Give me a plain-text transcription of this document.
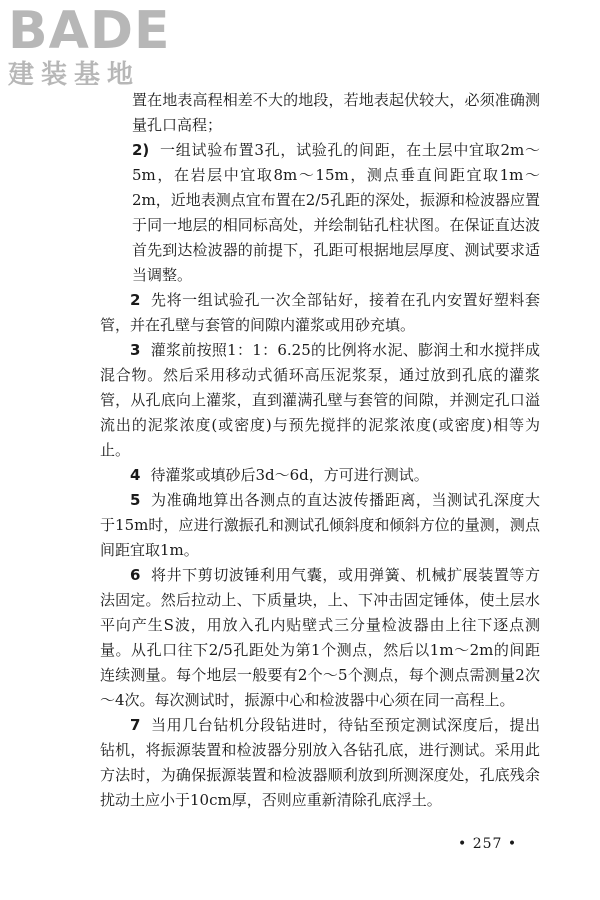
BADE
建装基地

置在地表高程相差不大的地段，若地表起伏较大，必须准确测量孔口高程；

2) 一组试验布置3孔，试验孔的间距，在土层中宜取2m～5m，在岩层中宜取8m～15m，测点垂直间距宜取1m～2m，近地表测点宜布置在2/5孔距的深处，振源和检波器应置于同一地层的相同标高处，并绘制钻孔柱状图。在保证直达波首先到达检波器的前提下，孔距可根据地层厚度、测试要求适当调整。

2 先将一组试验孔一次全部钻好，接着在孔内安置好塑料套管，并在孔壁与套管的间隙内灌浆或用砂充填。

3 灌浆前按照1：1：6.25的比例将水泥、膨润土和水搅拌成混合物。然后采用移动式循环高压泥浆泵，通过放到孔底的灌浆管，从孔底向上灌浆，直到灌满孔壁与套管的间隙，并测定孔口溢流出的泥浆浓度(或密度)与预先搅拌的泥浆浓度(或密度)相等为止。

4 待灌浆或填砂后3d～6d，方可进行测试。

5 为准确地算出各测点的直达波传播距离，当测试孔深度大于15m时，应进行激振孔和测试孔倾斜度和倾斜方位的量测，测点间距宜取1m。

6 将井下剪切波锤利用气囊，或用弹簧、机械扩展装置等方法固定。然后拉动上、下质量块，上、下冲击固定锤体，使土层水平向产生S波，用放入孔内贴壁式三分量检波器由上往下逐点测量。从孔口往下2/5孔距处为第1个测点，然后以1m～2m的间距连续测量。每个地层一般要有2个～5个测点，每个测点需测量2次～4次。每次测试时，振源中心和检波器中心须在同一高程上。

7 当用几台钻机分段钻进时，待钻至预定测试深度后，提出钻机，将振源装置和检波器分别放入各钻孔底，进行测试。采用此方法时，为确保振源装置和检波器顺利放到所测深度处，孔底残余扰动土应小于10cm厚，否则应重新清除孔底浮土。

• 257 •
